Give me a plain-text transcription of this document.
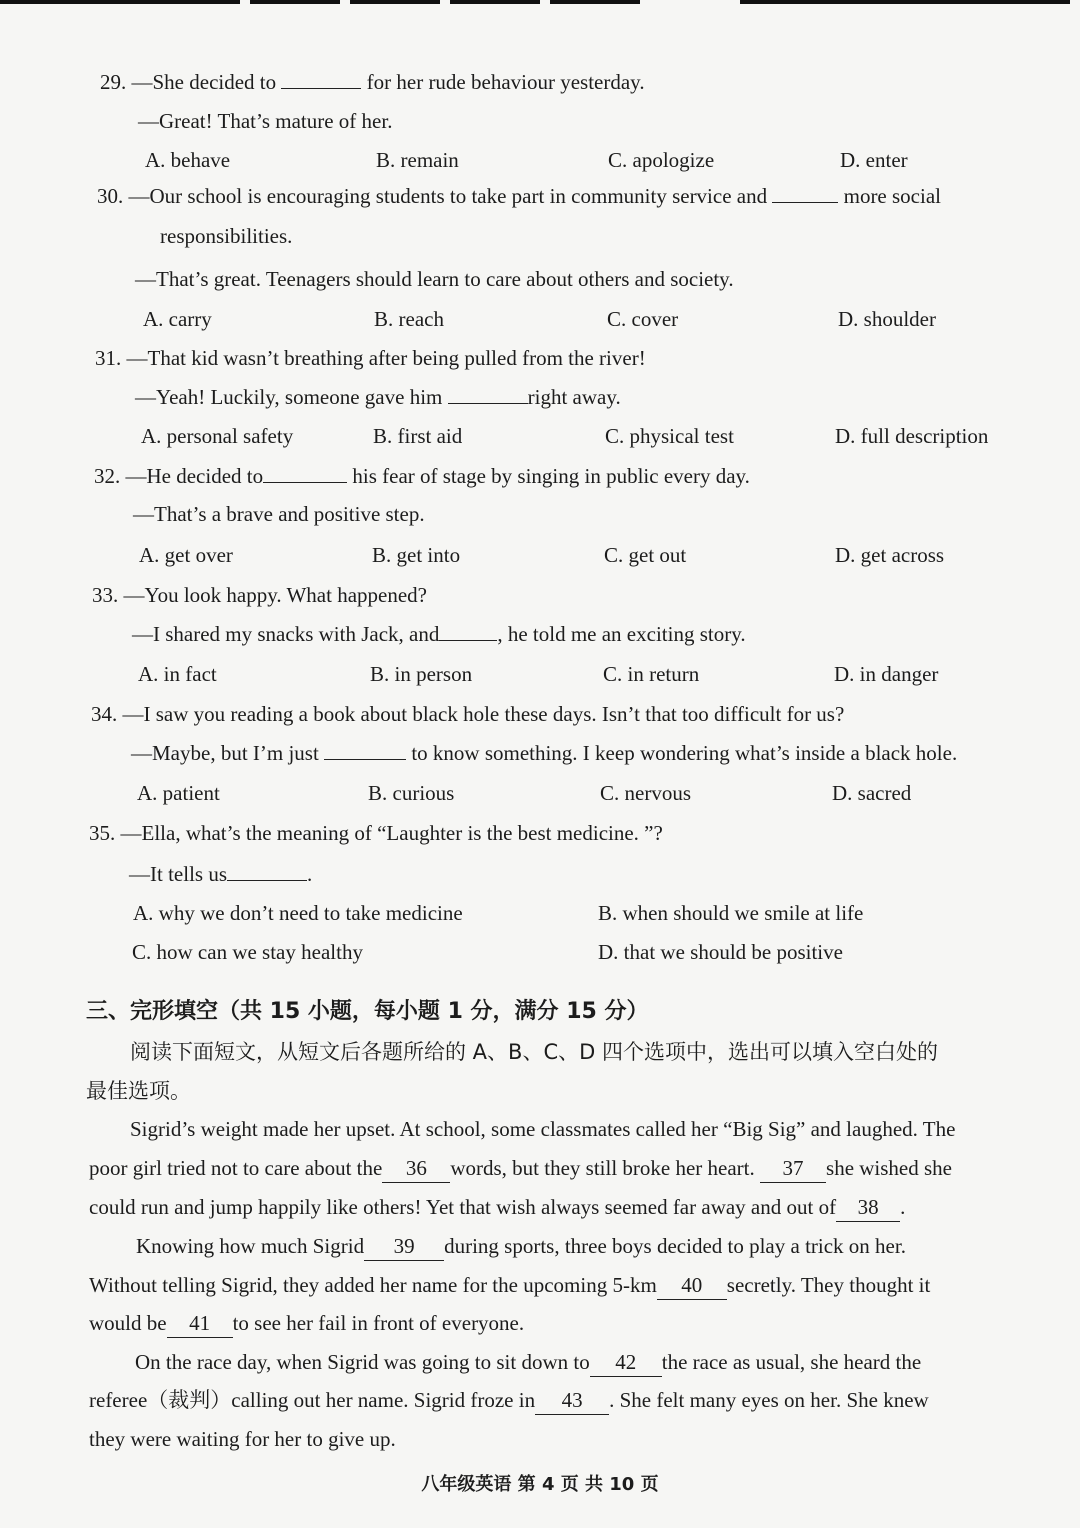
29. —She decided to	for her rude behaviour yesterday.
—Great! That’s mature of her.
A. behave	B. remain	C. apologize	D. enter
30. —Our school is encouraging students to take part in community service and	more social
responsibilities.
—That’s great. Teenagers should learn to care about others and society.
A. carry	B. reach	C. cover	D. shoulder
31. —That kid wasn’t breathing after being pulled from the river!
—Yeah! Luckily, someone gave him	right away.
A. personal safety	B. first aid	C. physical test	D. full description
32. —He decided to	his fear of stage by singing in public every day.
—That’s a brave and positive step.
A. get over	B. get into	C. get out	D. get across
33. —You look happy. What happened?
—I shared my snacks with Jack, and	, he told me an exciting story.
A. in fact	B. in person	C. in return	D. in danger
34. —I saw you reading a book about black hole these days. Isn’t that too difficult for us?
—Maybe, but I’m just	to know something. I keep wondering what’s inside a black hole.
A. patient	B. curious	C. nervous	D. sacred
35. —Ella, what’s the meaning of “Laughter is the best medicine. ”?
—It tells us	.
A. why we don’t need to take medicine	B. when should we smile at life
C. how can we stay healthy	D. that we should be positive
三、完形填空（共 15 小题，每小题 1 分，满分 15 分）
阅读下面短文，从短文后各题所给的 A、B、C、D 四个选项中，选出可以填入空白处的
最佳选项。
Sigrid’s weight made her upset. At school, some classmates called her “Big Sig” and laughed. The
poor girl tried not to care about the 36 words, but they still broke her heart. 37 she wished she
could run and jump happily like others! Yet that wish always seemed far away and out of 38 .
Knowing how much Sigrid 39 during sports, three boys decided to play a trick on her.
Without telling Sigrid, they added her name for the upcoming 5-km 40 secretly. They thought it
would be 41 to see her fail in front of everyone.
On the race day, when Sigrid was going to sit down to 42 the race as usual, she heard the
referee（裁判）calling out her name. Sigrid froze in 43 . She felt many eyes on her. She knew
they were waiting for her to give up.
八年级英语 第 4 页 共 10 页
